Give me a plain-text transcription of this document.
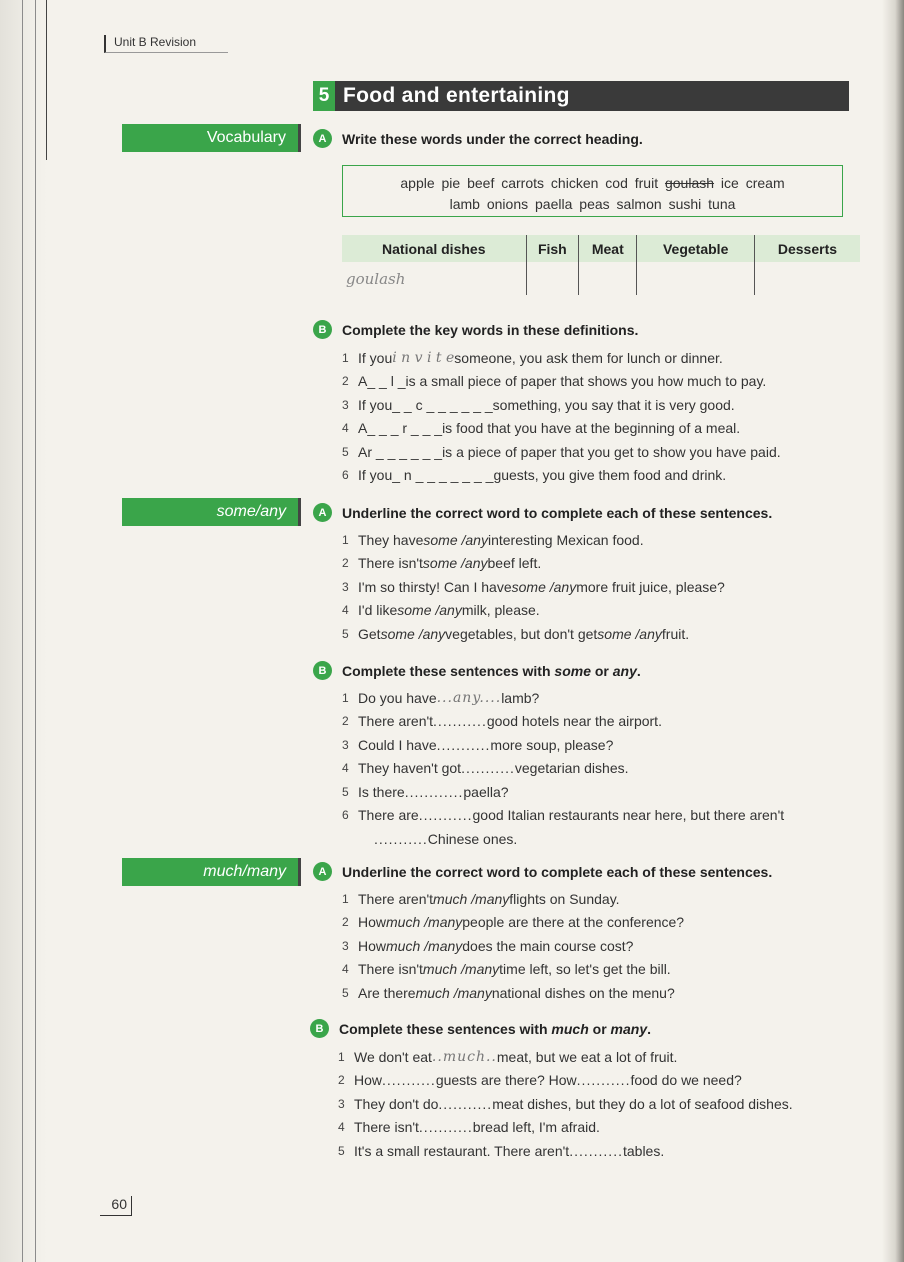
Unit B Revision
5 Food and entertaining
Vocabulary	A	Write these words under the correct heading.
apple pie beef carrots chicken cod fruit goulash ice cream
lamb onions paella peas salmon sushi tuna
National dishes	Fish	Meat	Vegetable	Desserts
goulash				
B	Complete the key words in these definitions.
1 If you i n v i t e someone, you ask them for lunch or dinner.
2 A _ _ l _ is a small piece of paper that shows you how much to pay.
3 If you _ _ c _ _ _ _ _ _ something, you say that it is very good.
4 A _ _ _ r _ _ _ is food that you have at the beginning of a meal.
5 A r _ _ _ _ _ _ is a piece of paper that you get to show you have paid.
6 If you _ n _ _ _ _ _ _ _ guests, you give them food and drink.
some/any	A	Underline the correct word to complete each of these sentences.
1 They have some /any interesting Mexican food.
2 There isn't some /any beef left.
3 I'm so thirsty! Can I have some /any more fruit juice, please?
4 I'd like some /any milk, please.
5 Get some /any vegetables, but don't get some /any fruit.
B	Complete these sentences with some or any.
1 Do you have ...any.... lamb?
2 There aren't ........... good hotels near the airport.
3 Could I have ........... more soup, please?
4 They haven't got ........... vegetarian dishes.
5 Is there ............ paella?
6 There are ........... good Italian restaurants near here, but there aren't
........... Chinese ones.
much/many	A	Underline the correct word to complete each of these sentences.
1 There aren't much /many flights on Sunday.
2 How much /many people are there at the conference?
3 How much /many does the main course cost?
4 There isn't much /many time left, so let's get the bill.
5 Are there much /many national dishes on the menu?
B	Complete these sentences with much or many.
1 We don't eat ..much.. meat, but we eat a lot of fruit.
2 How ........... guests are there? How ........... food do we need?
3 They don't do ........... meat dishes, but they do a lot of seafood dishes.
4 There isn't ........... bread left, I'm afraid.
5 It's a small restaurant. There aren't ........... tables.
60
